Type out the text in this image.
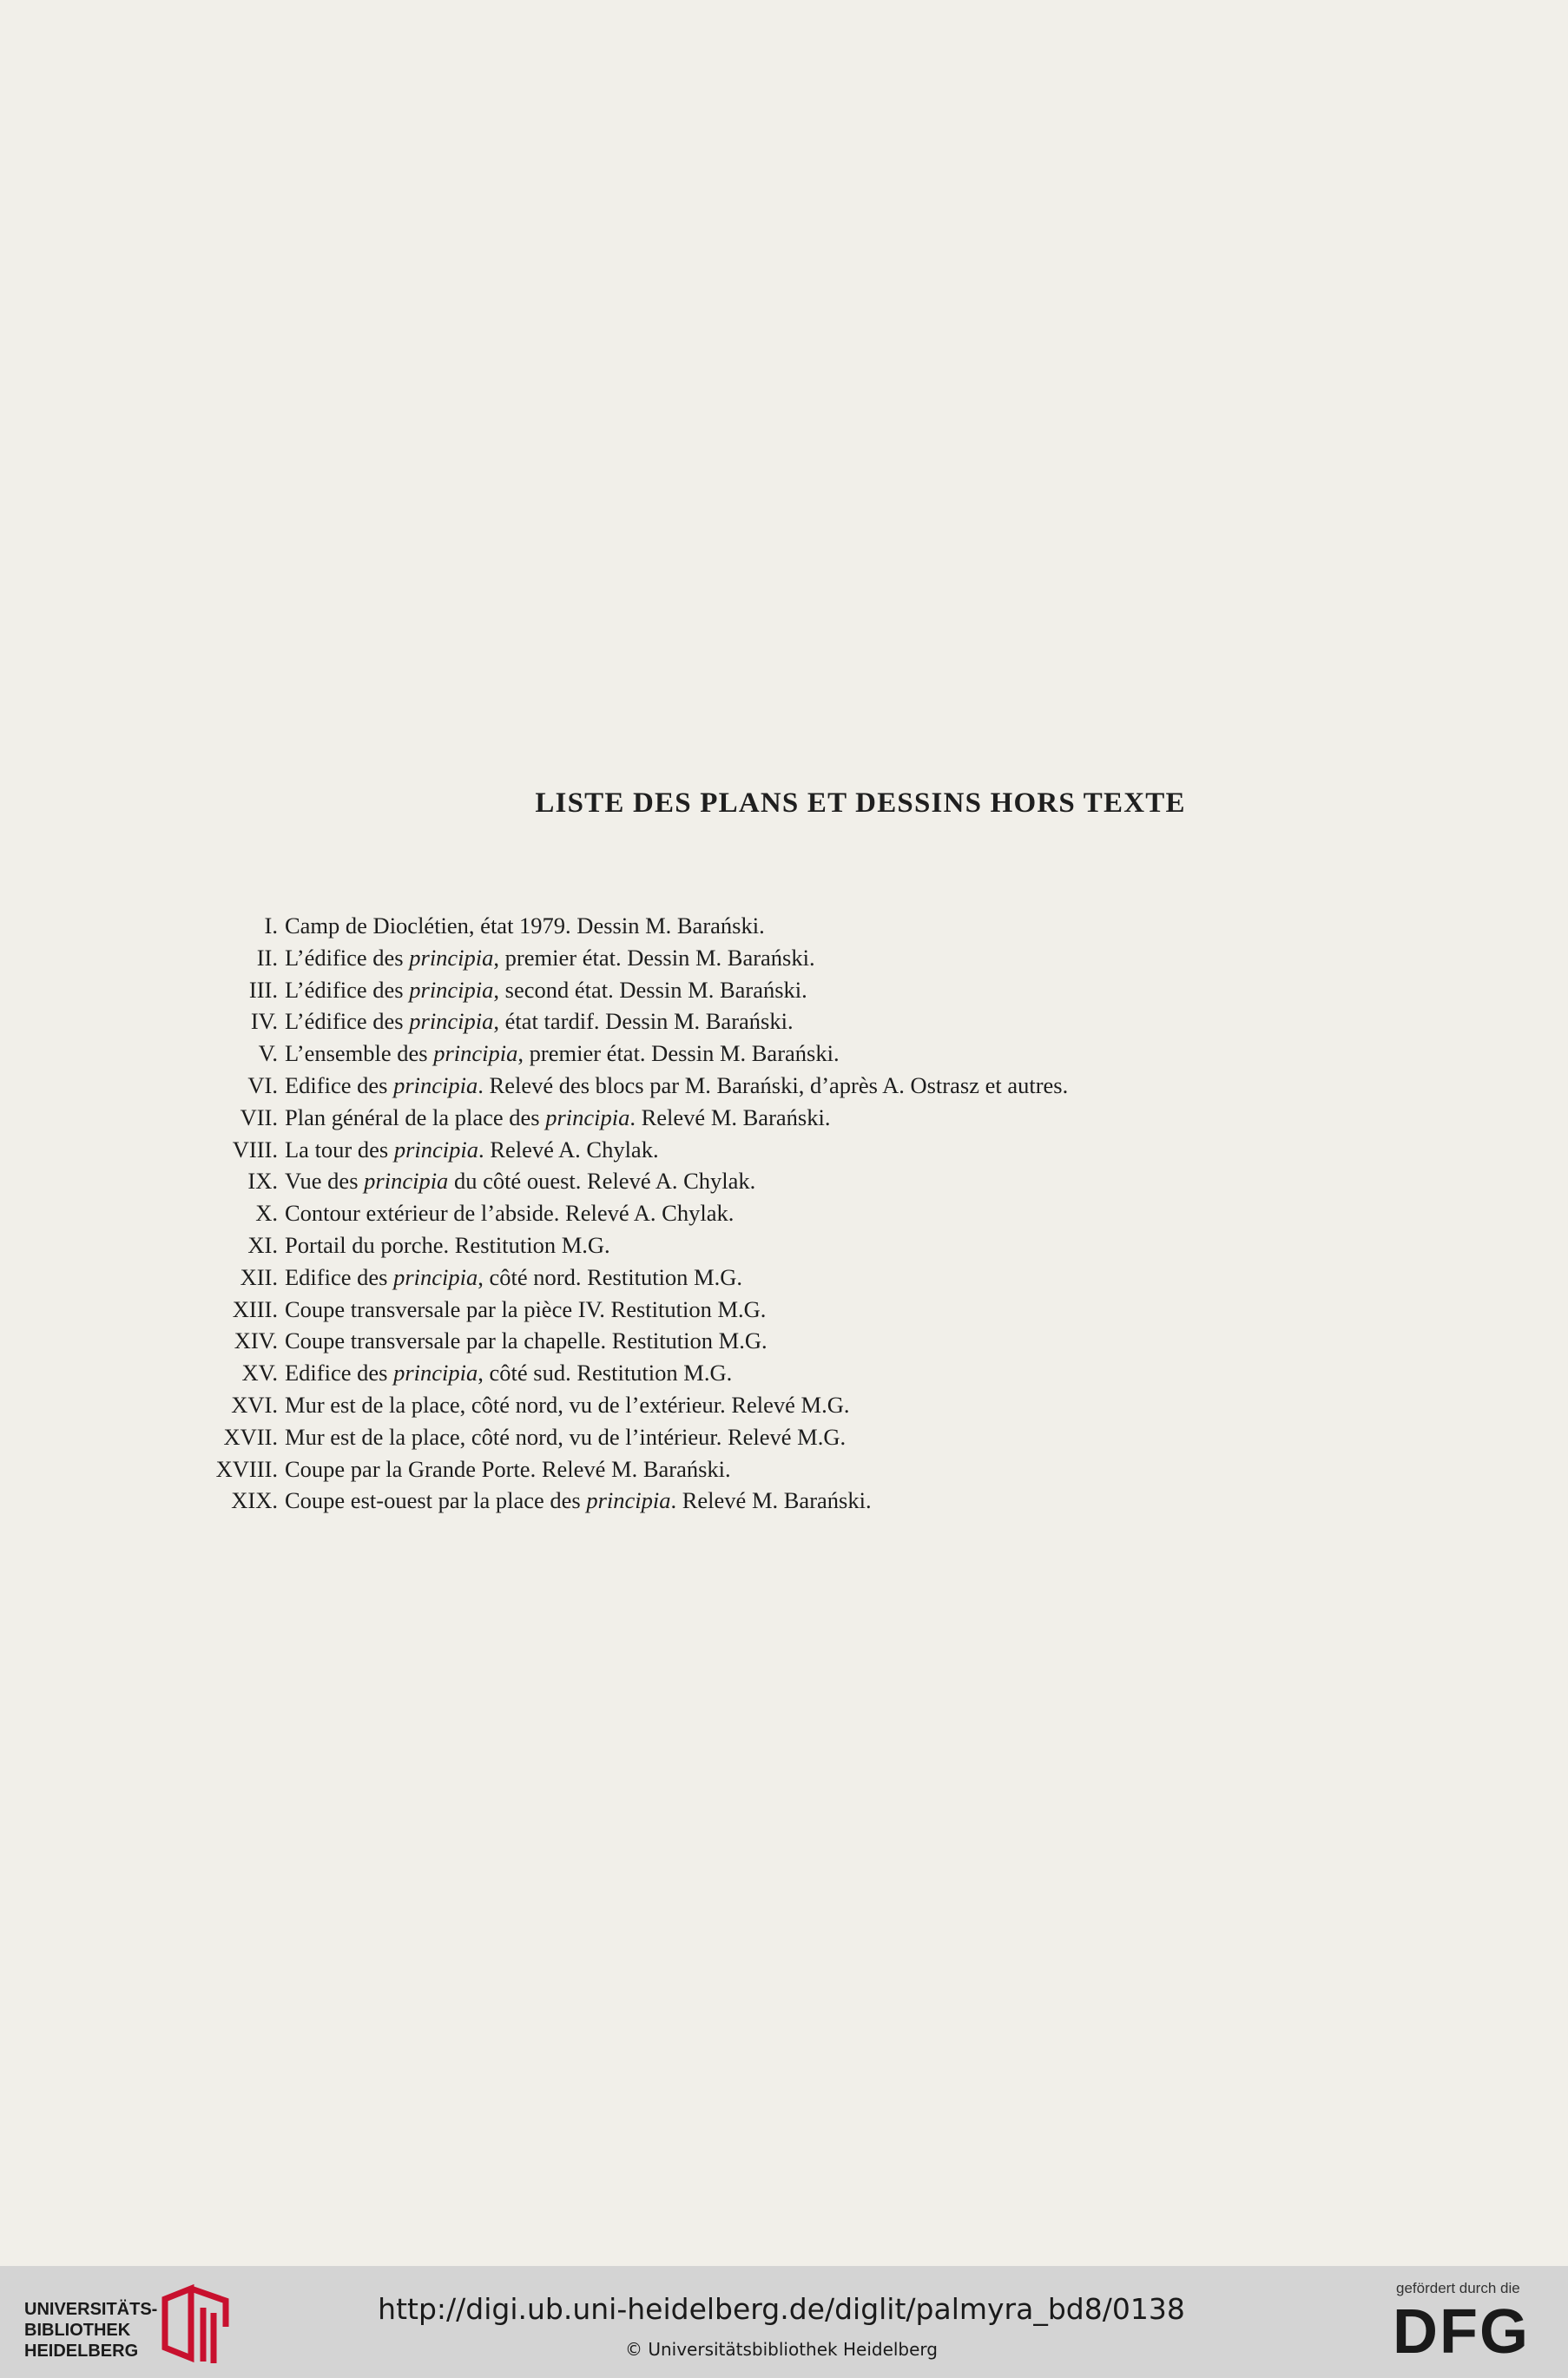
LISTE DES PLANS ET DESSINS HORS TEXTE
I. Camp de Dioclétien, état 1979. Dessin M. Barański.
II. L’édifice des principia, premier état. Dessin M. Barański.
III. L’édifice des principia, second état. Dessin M. Barański.
IV. L’édifice des principia, état tardif. Dessin M. Barański.
V. L’ensemble des principia, premier état. Dessin M. Barański.
VI. Edifice des principia. Relevé des blocs par M. Barański, d’après A. Ostrasz et autres.
VII. Plan général de la place des principia. Relevé M. Barański.
VIII. La tour des principia. Relevé A. Chylak.
IX. Vue des principia du côté ouest. Relevé A. Chylak.
X. Contour extérieur de l’abside. Relevé A. Chylak.
XI. Portail du porche. Restitution M.G.
XII. Edifice des principia, côté nord. Restitution M.G.
XIII. Coupe transversale par la pièce IV. Restitution M.G.
XIV. Coupe transversale par la chapelle. Restitution M.G.
XV. Edifice des principia, côté sud. Restitution M.G.
XVI. Mur est de la place, côté nord, vu de l’extérieur. Relevé M.G.
XVII. Mur est de la place, côté nord, vu de l’intérieur. Relevé M.G.
XVIII. Coupe par la Grande Porte. Relevé M. Barański.
XIX. Coupe est-ouest par la place des principia. Relevé M. Barański.
UNIVERSITÄTS-
BIBLIOTHEK
HEIDELBERG
http://digi.ub.uni-heidelberg.de/diglit/palmyra_bd8/0138
© Universitätsbibliothek Heidelberg
gefördert durch die
DFG
